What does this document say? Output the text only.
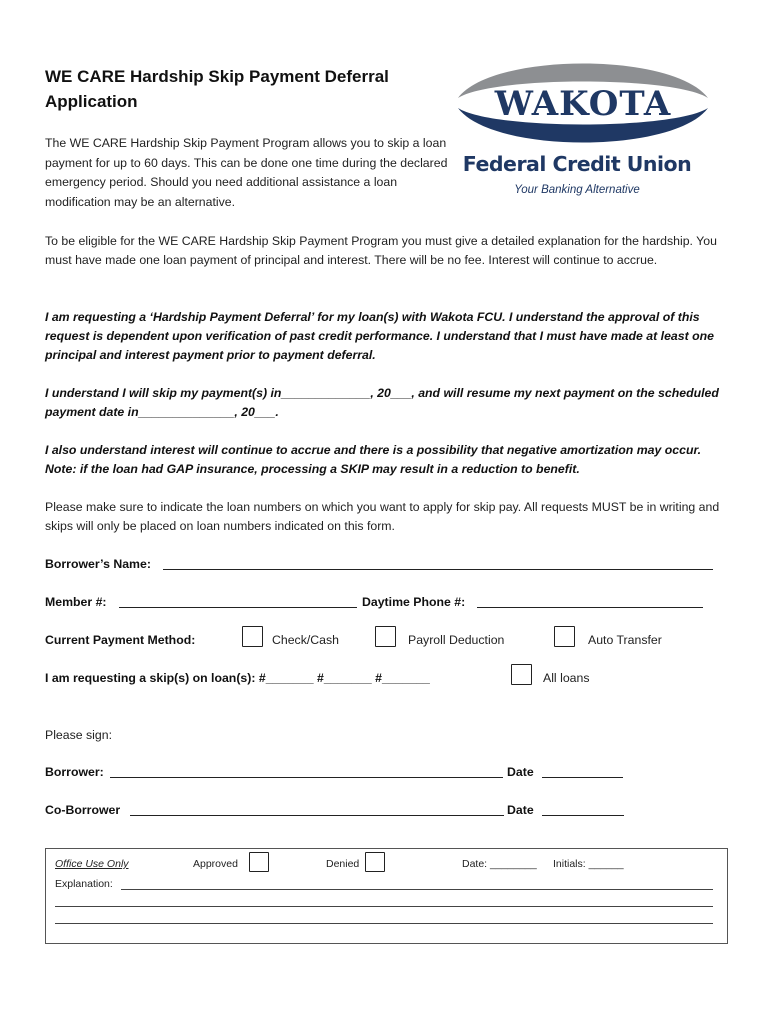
WE CARE Hardship Skip Payment Deferral Application
The WE CARE Hardship Skip Payment Program allows you to skip a loan payment for up to 60 days. This can be done one time during the declared emergency period. Should you need additional assistance a loan modification may be an alternative.
WAKOTA
Federal Credit Union
Your Banking Alternative
To be eligible for the WE CARE Hardship Skip Payment Program you must give a detailed explanation for the hardship. You must have made one loan payment of principal and interest. There will be no fee. Interest will continue to accrue.
I am requesting a ‘Hardship Payment Deferral’ for my loan(s) with Wakota FCU. I understand the approval of this request is dependent upon verification of past credit performance. I understand that I must have made at least one principal and interest payment prior to payment deferral.
I understand I will skip my payment(s) in_____________, 20___, and will resume my next payment on the scheduled payment date in______________, 20___.
I also understand interest will continue to accrue and there is a possibility that negative amortization may occur. Note: if the loan had GAP insurance, processing a SKIP may result in a reduction to benefit.
Please make sure to indicate the loan numbers on which you want to apply for skip pay. All requests MUST be in writing and skips will only be placed on loan numbers indicated on this form.
Borrower’s Name:
Member #:	Daytime Phone #:
Current Payment Method:	Check/Cash	Payroll Deduction	Auto Transfer
I am requesting a skip(s) on loan(s): #_______ #_______ #_______	All loans
Please sign:
Borrower:	Date
Co-Borrower	Date
Office Use Only	Approved	Denied	Date: ________ Initials: ______
Explanation:
